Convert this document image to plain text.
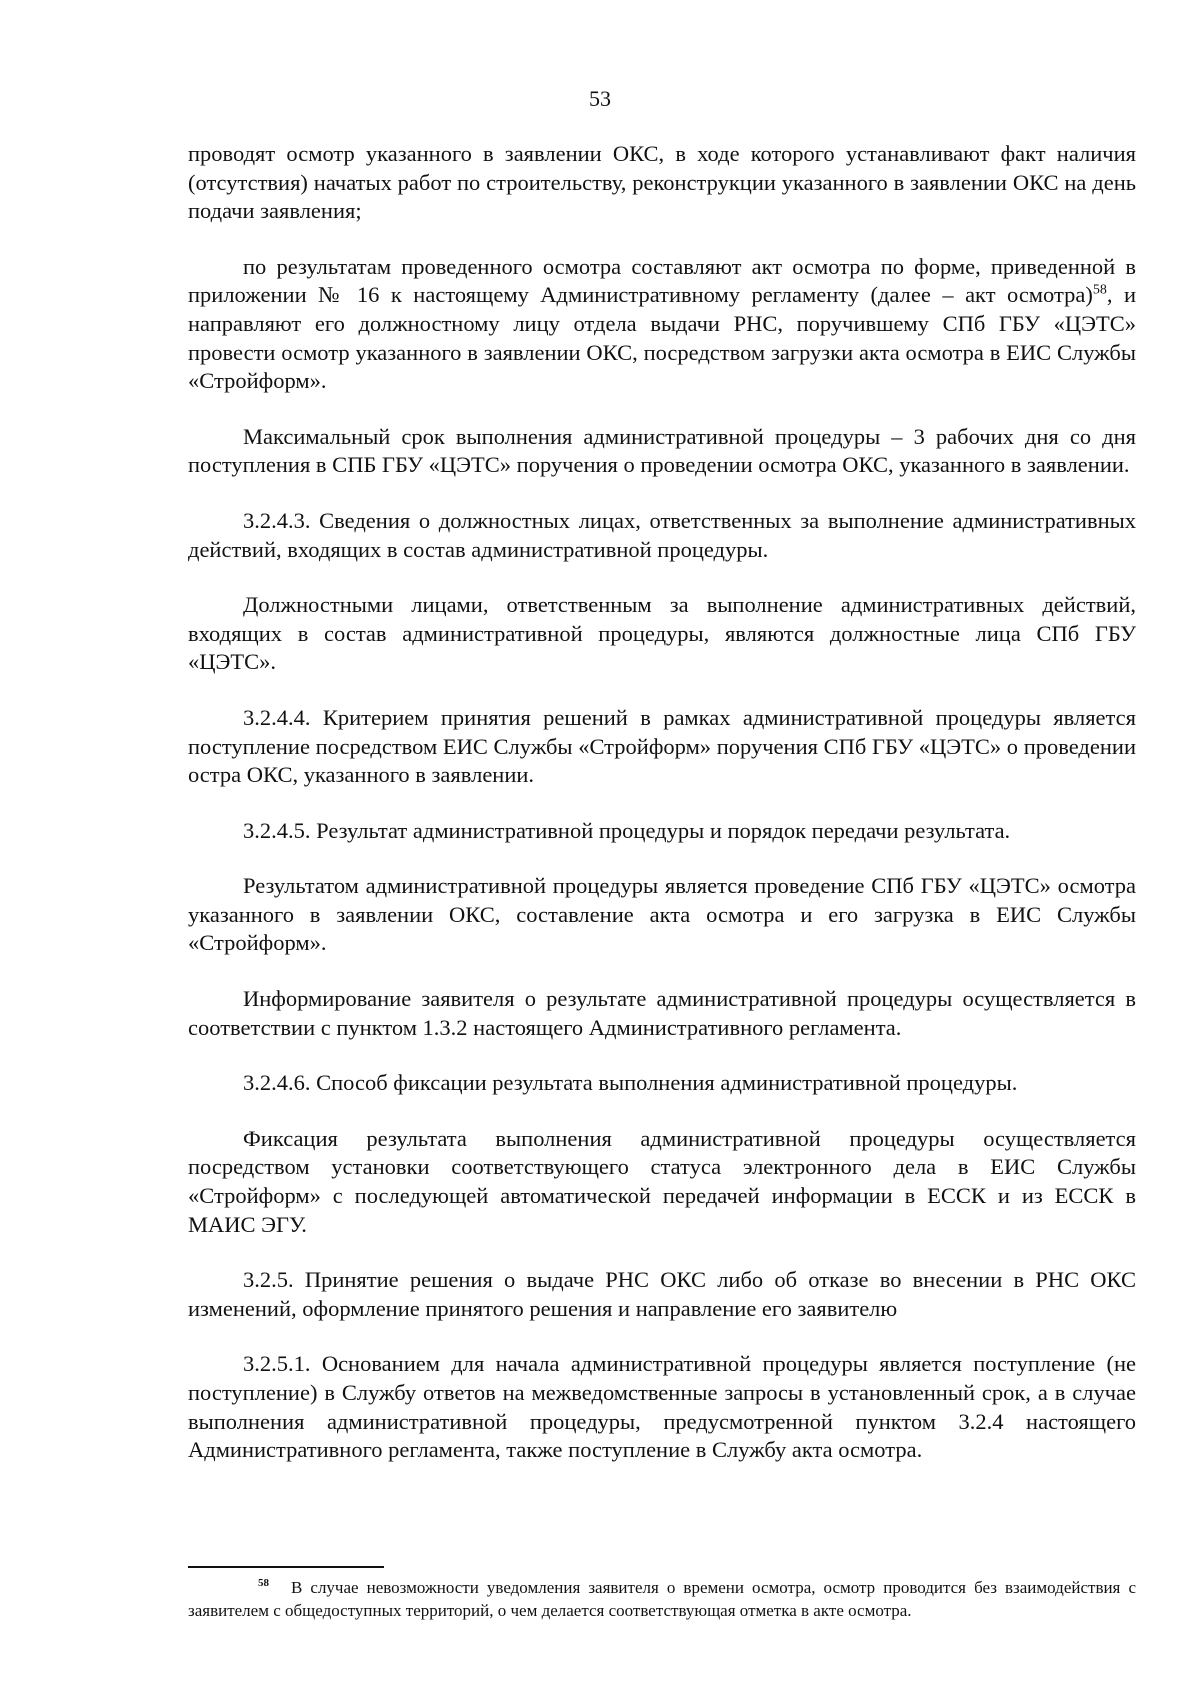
53

проводят осмотр указанного в заявлении ОКС, в ходе которого устанавливают факт наличия (отсутствия) начатых работ по строительству, реконструкции указанного в заявлении ОКС на день подачи заявления;

по результатам проведенного осмотра составляют акт осмотра по форме, приведенной в приложении № 16 к настоящему Административному регламенту (далее – акт осмотра)$^{58}$, и направляют его должностному лицу отдела выдачи РНС, поручившему СПб ГБУ «ЦЭТС» провести осмотр указанного в заявлении ОКС, посредством загрузки акта осмотра в ЕИС Службы «Стройформ».

Максимальный срок выполнения административной процедуры – 3 рабочих дня со дня поступления в СПБ ГБУ «ЦЭТС» поручения о проведении осмотра ОКС, указанного в заявлении.

3.2.4.3. Сведения о должностных лицах, ответственных за выполнение административных действий, входящих в состав административной процедуры.

Должностными лицами, ответственным за выполнение административных действий, входящих в состав административной процедуры, являются должностные лица СПб ГБУ «ЦЭТС».

3.2.4.4. Критерием принятия решений в рамках административной процедуры является поступление посредством ЕИС Службы «Стройформ» поручения СПб ГБУ «ЦЭТС» о проведении остра ОКС, указанного в заявлении.

3.2.4.5. Результат административной процедуры и порядок передачи результата.

Результатом административной процедуры является проведение СПб ГБУ «ЦЭТС» осмотра указанного в заявлении ОКС, составление акта осмотра и его загрузка в ЕИС Службы «Стройформ».

Информирование заявителя о результате административной процедуры осуществляется в соответствии с пунктом 1.3.2 настоящего Административного регламента.

3.2.4.6. Способ фиксации результата выполнения административной процедуры.

Фиксация результата выполнения административной процедуры осуществляется посредством установки соответствующего статуса электронного дела в ЕИС Службы «Стройформ» с последующей автоматической передачей информации в ЕССК и из ЕССК в МАИС ЭГУ.

3.2.5. Принятие решения о выдаче РНС ОКС либо об отказе во внесении в РНС ОКС изменений, оформление принятого решения и направление его заявителю

3.2.5.1. Основанием для начала административной процедуры является поступление (не поступление) в Службу ответов на межведомственные запросы в установленный срок, а в случае выполнения административной процедуры, предусмотренной пунктом 3.2.4 настоящего Административного регламента, также поступление в Службу акта осмотра.

$^{58}$ В случае невозможности уведомления заявителя о времени осмотра, осмотр проводится без взаимодействия с заявителем с общедоступных территорий, о чем делается соответствующая отметка в акте осмотра.
